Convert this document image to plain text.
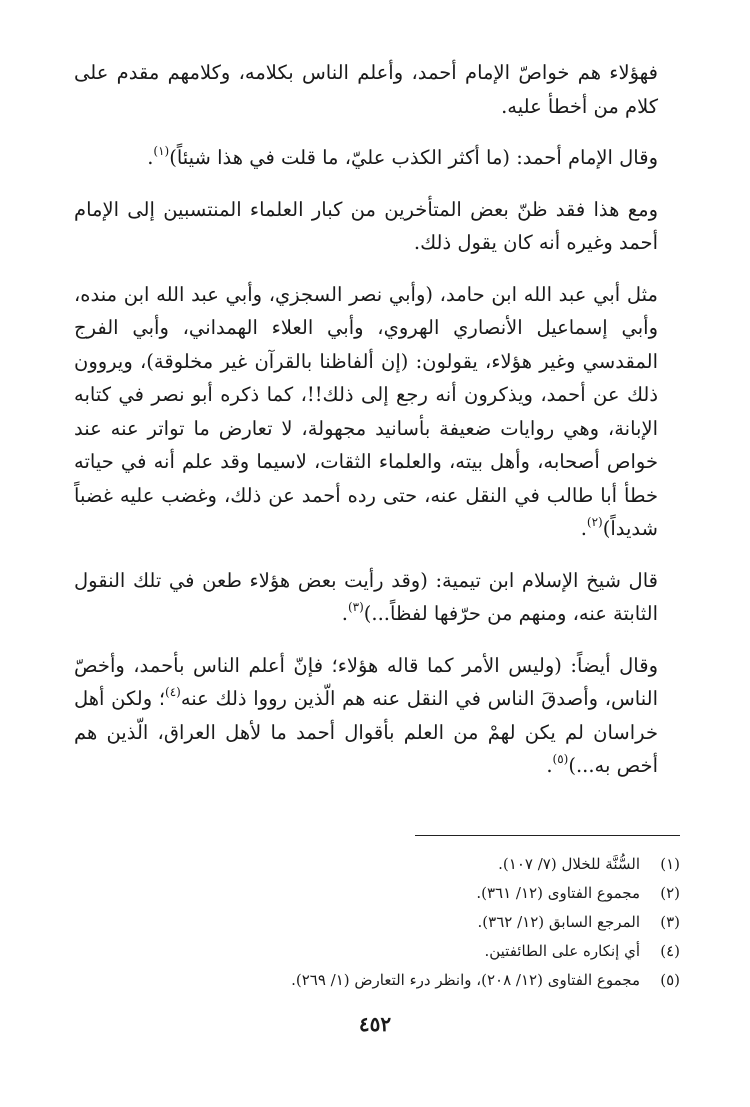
فهؤلاء هم خواصّ الإمام أحمد، وأعلم الناس بكلامه، وكلامهم مقدم على كلام من أخطأ عليه.

وقال الإمام أحمد: (ما أكثر الكذب عليّ، ما قلت في هذا شيئاً)$^{(١)}$.

ومع هذا فقد ظنّ بعض المتأخرين من كبار العلماء المنتسبين إلى الإمام أحمد وغيره أنه كان يقول ذلك.

مثل أبي عبد الله ابن حامد، (وأبي نصر السجزي، وأبي عبد الله ابن منده، وأبي إسماعيل الأنصاري الهروي، وأبي العلاء الهمداني، وأبي الفرج المقدسي وغير هؤلاء، يقولون: (إن ألفاظنا بالقرآن غير مخلوقة)، ويروون ذلك عن أحمد، ويذكرون أنه رجع إلى ذلك!!، كما ذكره أبو نصر في كتابه الإبانة، وهي روايات ضعيفة بأسانيد مجهولة، لا تعارض ما تواتر عنه عند خواص أصحابه، وأهل بيته، والعلماء الثقات، لاسيما وقد علم أنه في حياته خطأ أبا طالب في النقل عنه، حتى رده أحمد عن ذلك، وغضب عليه غضباً شديداً)$^{(٢)}$.

قال شيخ الإسلام ابن تيمية: (وقد رأيت بعض هؤلاء طعن في تلك النقول الثابتة عنه، ومنهم من حرّفها لفظاً...)$^{(٣)}$.

وقال أيضاً: (وليس الأمر كما قاله هؤلاء؛ فإنّ أعلم الناس بأحمد، وأخصّ الناس، وأصدقَ الناس في النقل عنه هم الّذين رووا ذلك عنه$^{(٤)}$؛ ولكن أهل خراسان لم يكن لهمْ من العلم بأقوال أحمد ما لأهل العراق، الّذين هم أخص به...)$^{(٥)}$.

(١)
السُّنَّة للخلال (٧/ ١٠٧).
(٢)
مجموع الفتاوى (١٢/ ٣٦١).
(٣)
المرجع السابق (١٢/ ٣٦٢).
(٤)
أي إنكاره على الطائفتين.
(٥)
مجموع الفتاوى (١٢/ ٢٠٨)، وانظر درء التعارض (١/ ٢٦٩).
٤٥٢
